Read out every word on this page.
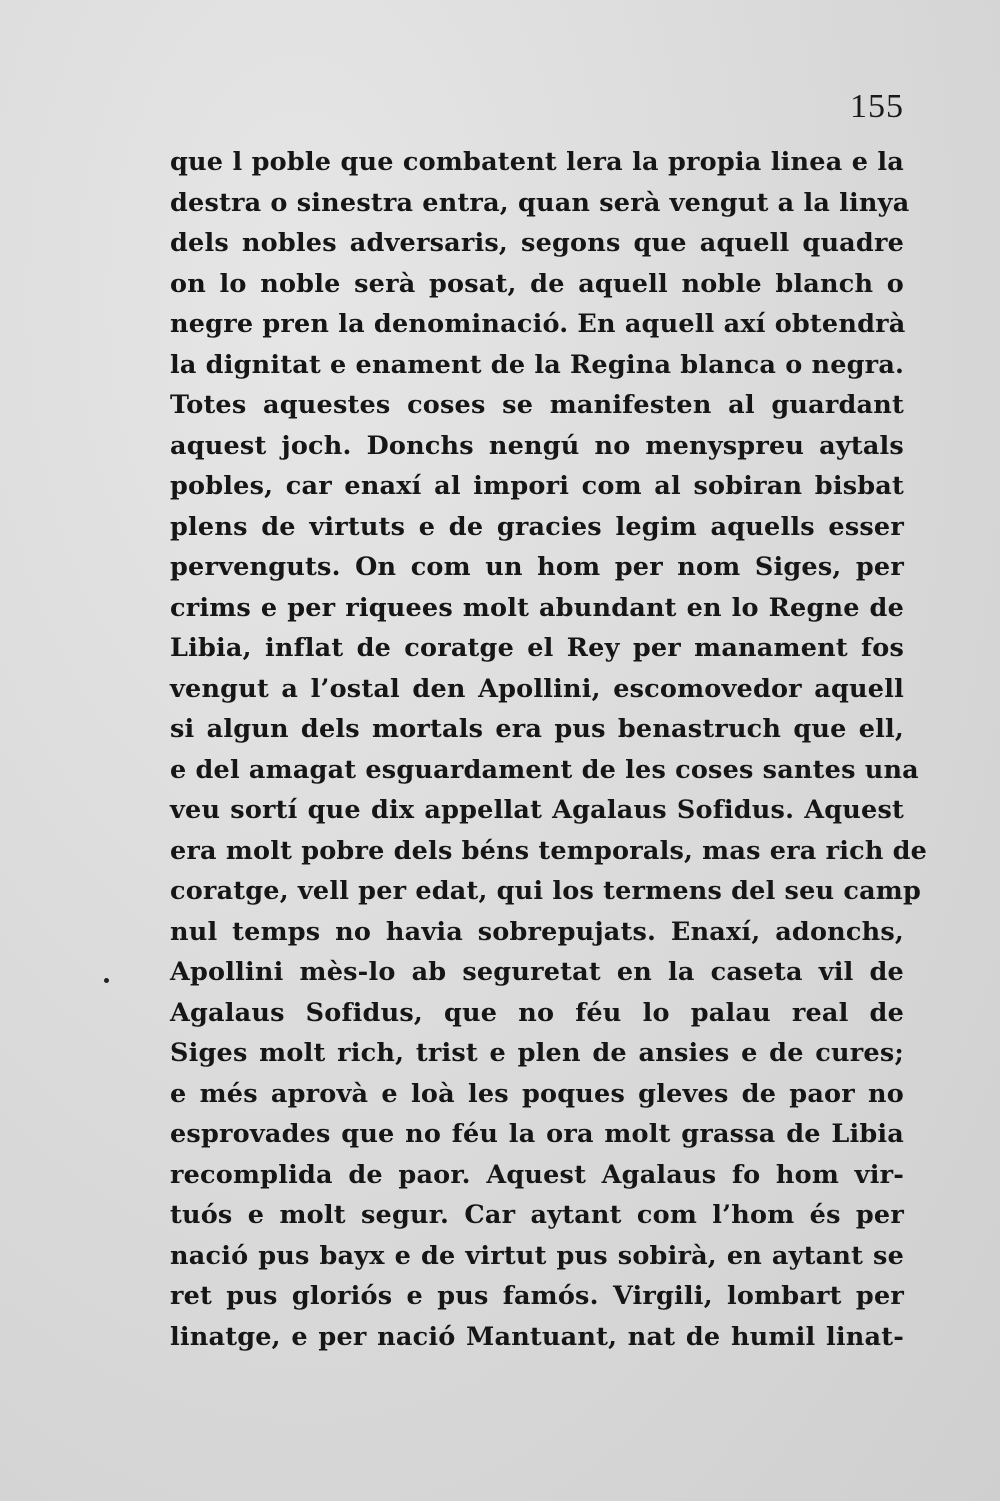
155
que l poble que combatent lera la propia linea e la
destra o sinestra entra, quan serà vengut a la linya
dels nobles adversaris, segons que aquell quadre
on lo noble serà posat, de aquell noble blanch o
negre pren la denominació. En aquell axí obtendrà
la dignitat e enament de la Regina blanca o negra.
Totes aquestes coses se manifesten al guardant
aquest joch. Donchs nengú no menyspreu aytals
pobles, car enaxí al impori com al sobiran bisbat
plens de virtuts e de gracies legim aquells esser
pervenguts. On com un hom per nom Siges, per
crims e per riquees molt abundant en lo Regne de
Libia, inflat de coratge el Rey per manament fos
vengut a l’ostal den Apollini, escomovedor aquell
si algun dels mortals era pus benastruch que ell,
e del amagat esguardament de les coses santes una
veu sortí que dix appellat Agalaus Sofidus. Aquest
era molt pobre dels béns temporals, mas era rich de
coratge, vell per edat, qui los termens del seu camp
nul temps no havia sobrepujats. Enaxí, adonchs,
Apollini mès-lo ab seguretat en la caseta vil de
Agalaus Sofidus, que no féu lo palau real de
Siges molt rich, trist e plen de ansies e de cures;
e més aprovà e loà les poques gleves de paor no
esprovades que no féu la ora molt grassa de Libia
recomplida de paor. Aquest Agalaus fo hom vir-
tuós e molt segur. Car aytant com l’hom és per
nació pus bayx e de virtut pus sobirà, en aytant se
ret pus gloriós e pus famós. Virgili, lombart per
linatge, e per nació Mantuant, nat de humil linat-
